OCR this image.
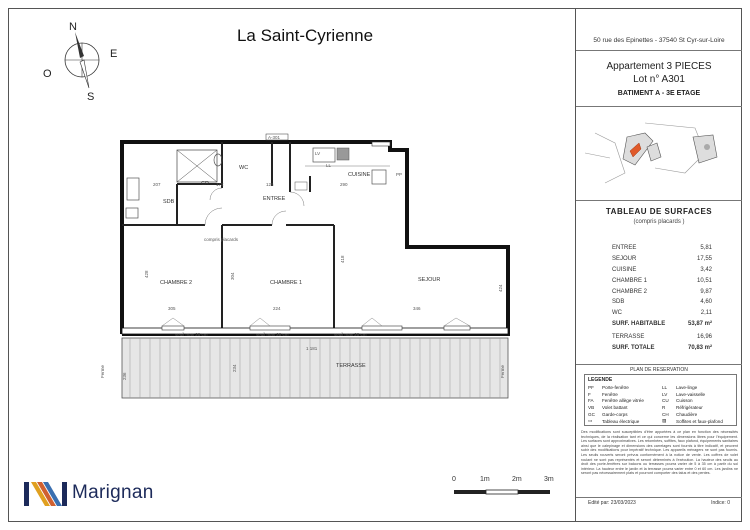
N
E
O
S
La Saint-Cyrienne
A-301
WC
CR
CUISINE
SDB	ENTREE
CHAMBRE 2	CHAMBRE 1	SEJOUR
TERRASSE
LV
LL
PP
207	172	125	290
305	224	346
1 181
428	304
418
424
236
234
compris placards
seuil max 20 cm	seuil max 20 cm	seuil max 20 cm
Ferme	Ferme
50 rue des Epinettes - 37540 St Cyr-sur-Loire
Appartement 3 PIECES
Lot n° A301
BATIMENT A - 3E ETAGE
TABLEAU DE SURFACES
(compris placards )
ENTREE	5,81
SEJOUR	17,55
CUISINE	3,42
CHAMBRE 1	10,51
CHAMBRE 2	9,87
SDB	4,60
WC	2,11
SURF. HABITABLE	53,87 m²
TERRASSE	16,96
SURF. TOTALE	70,83 m²
PLAN DE RESERVATION
LEGENDE
PF	Porte-fenêtre	LL	Lave-linge
F	Fenêtre	LV	Lave-vaisselle
FA	Fenêtre allège vitrée	CU	Cuisson
VB	Volet battant	R	Réfrigérateur
GC	Garde-corps	CH	Chaudière
▭	Tableau électrique	▨	Soffites et faux-plafond
Des modifications sont susceptibles d'être apportées à ce plan en fonction des nécessités techniques, de la réalisation tant et ce qui concerne les dimensions libres pour l'équipement. Les surfaces sont approximatives. Les retombées, soffites, faux plafond, équipements sanitaires ainsi que le calepinage et dimensions des carrelages sont fournis à titre indicatif, et peuvent subir des modifications pour impératif technique. Les appareils ménagers ne sont pas fournis. Les seuils rouverts seront prévus conformément à la notice de vente. Les coffres de volet roulant ne sont pas représentés et seront déterminés à l'exécution. La hauteur des seuils au droit des porte-fenêtres sur balcons ou terrasses pourra varier de 5 à 35 cm à partir du sol intérieur. La hauteur entre le jardin et la terrasse pourra varier entre 0 et 60 cm. Les jardins ne seront pas nécessairement plats et pourront comporter des talus et des pentes.
Edité par: 23/03/2023	Indice: 0
Marignan
0	1m	2m	3m
